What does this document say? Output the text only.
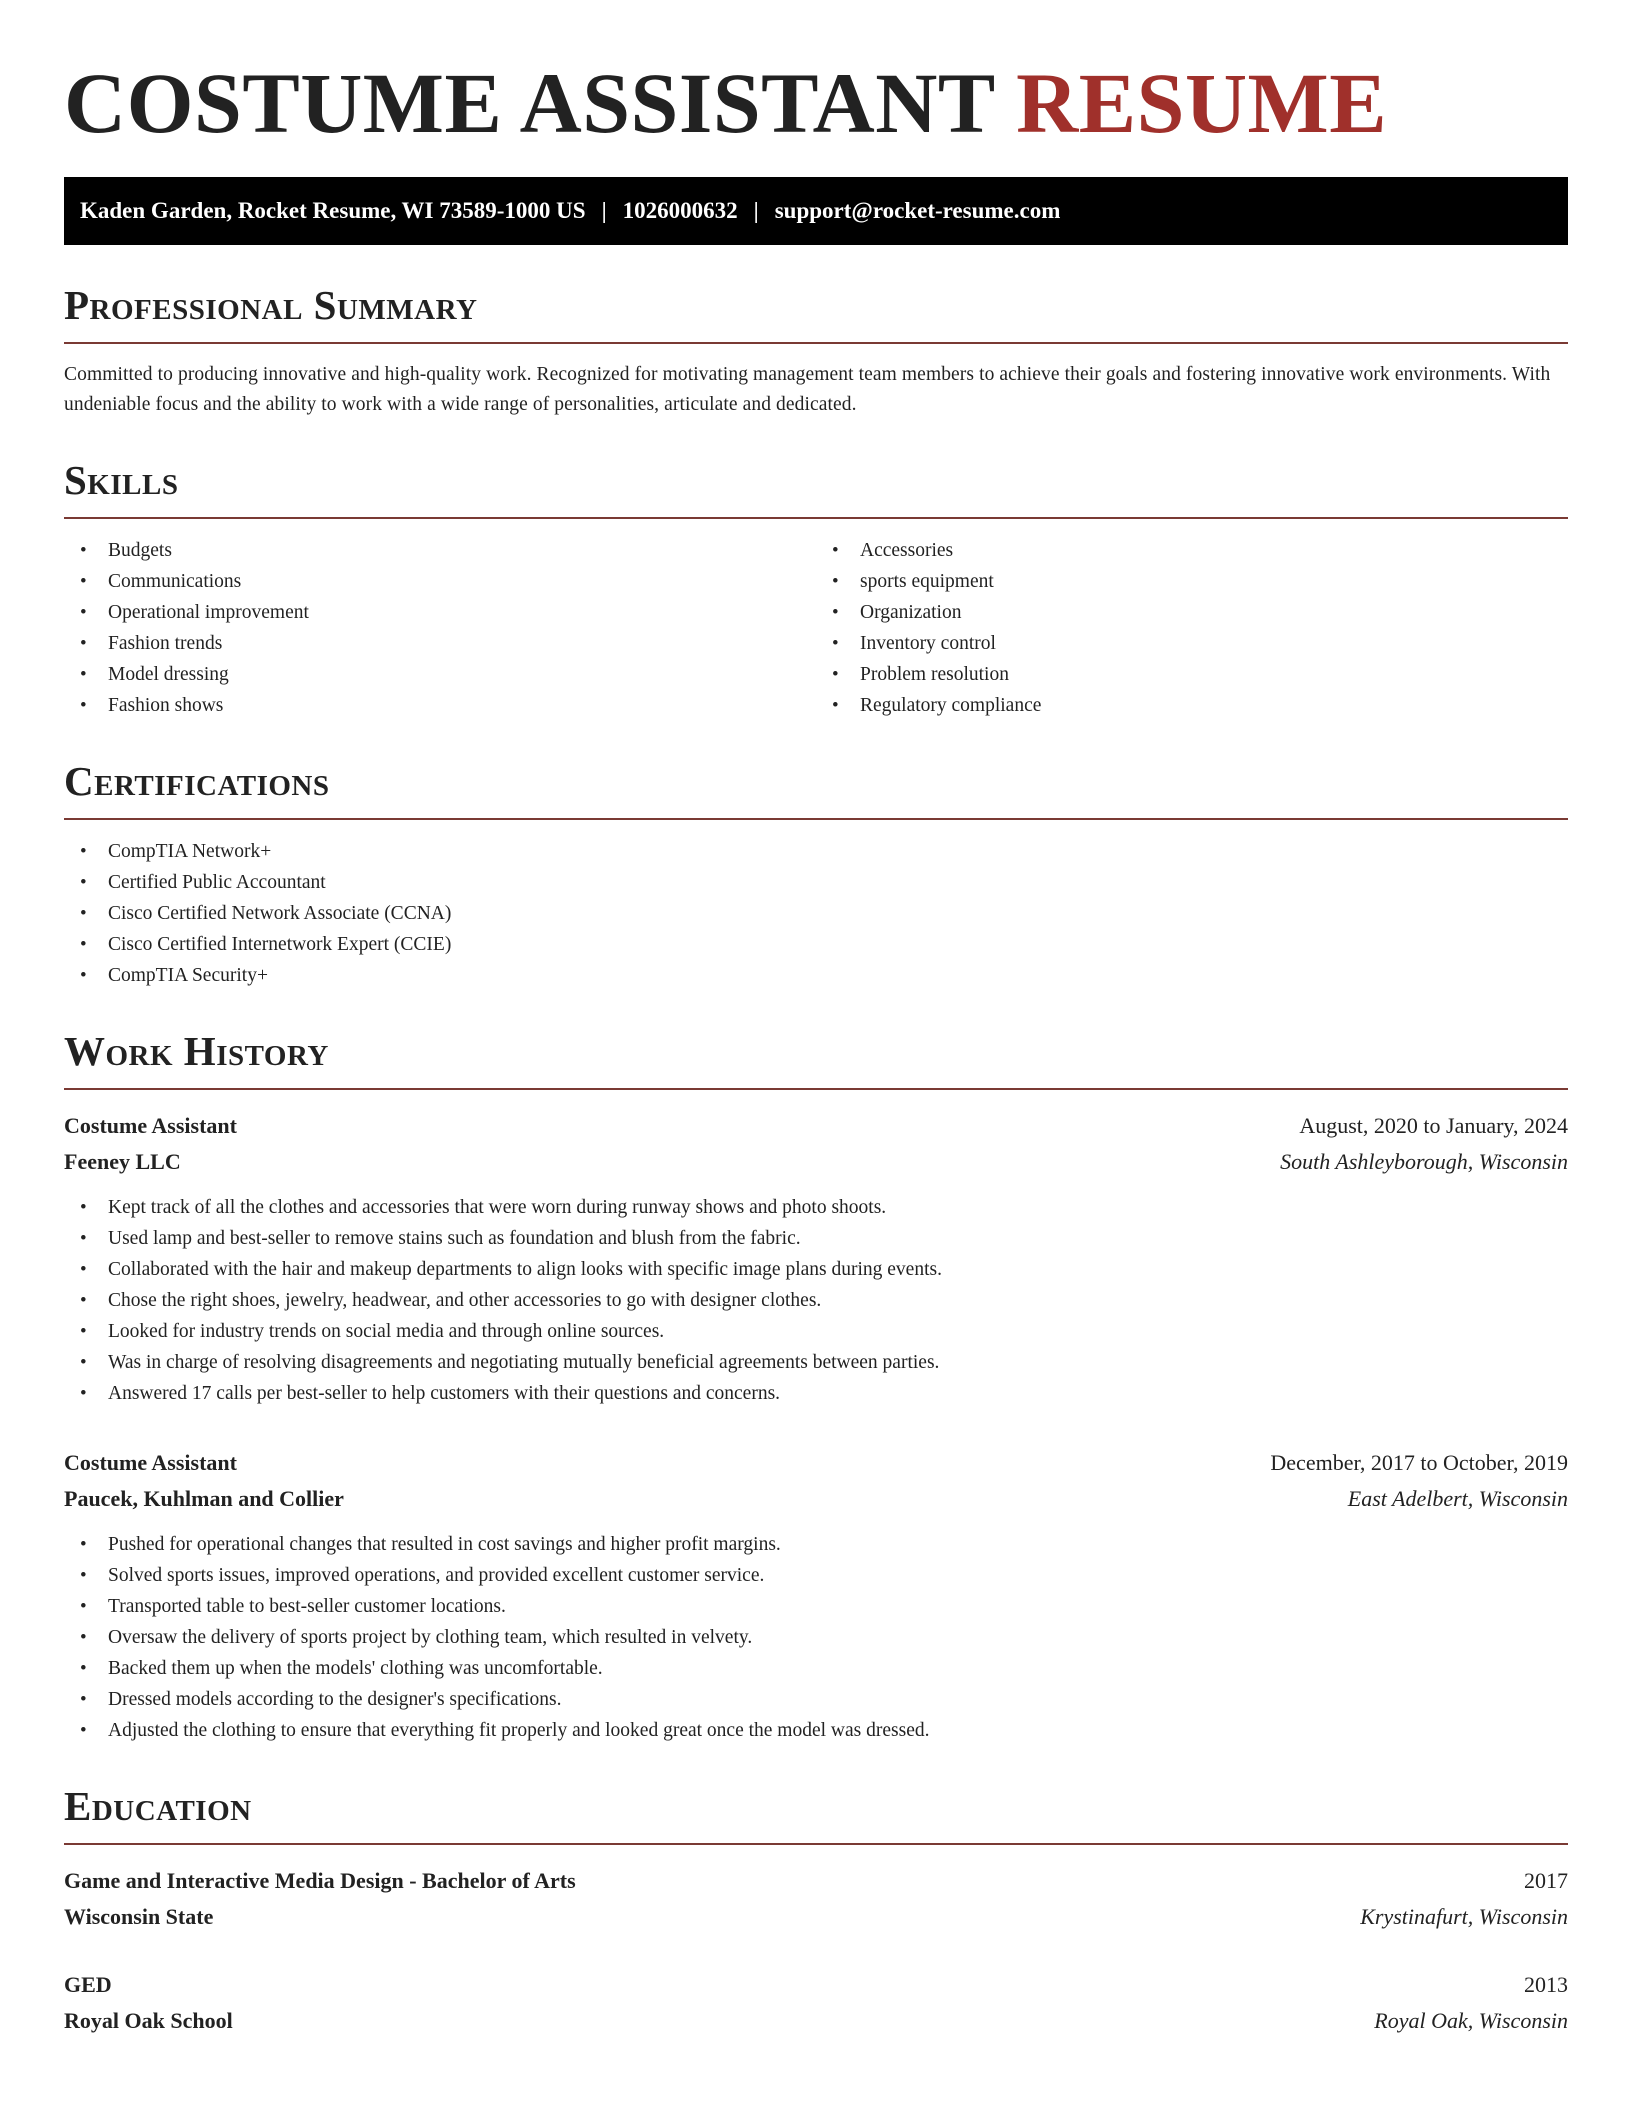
COSTUME ASSISTANT RESUME
Kaden Garden, Rocket Resume, WI 73589-1000 US | 1026000632 | support@rocket-resume.com
Professional Summary

Committed to producing innovative and high-quality work. Recognized for motivating management team members to achieve their goals and fostering innovative work environments. With undeniable focus and the ability to work with a wide range of personalities, articulate and dedicated.

Skills
• Budgets
• Communications
• Operational improvement
• Fashion trends
• Model dressing
• Fashion shows
• Accessories
• sports equipment
• Organization
• Inventory control
• Problem resolution
• Regulatory compliance
Certifications
• CompTIA Network+
• Certified Public Accountant
• Cisco Certified Network Associate (CCNA)
• Cisco Certified Internetwork Expert (CCIE)
• CompTIA Security+
Work History
Costume Assistant	August, 2020 to January, 2024
Feeney LLC	South Ashleyborough, Wisconsin
• Kept track of all the clothes and accessories that were worn during runway shows and photo shoots.
• Used lamp and best-seller to remove stains such as foundation and blush from the fabric.
• Collaborated with the hair and makeup departments to align looks with specific image plans during events.
• Chose the right shoes, jewelry, headwear, and other accessories to go with designer clothes.
• Looked for industry trends on social media and through online sources.
• Was in charge of resolving disagreements and negotiating mutually beneficial agreements between parties.
• Answered 17 calls per best-seller to help customers with their questions and concerns.
Costume Assistant	December, 2017 to October, 2019
Paucek, Kuhlman and Collier	East Adelbert, Wisconsin
• Pushed for operational changes that resulted in cost savings and higher profit margins.
• Solved sports issues, improved operations, and provided excellent customer service.
• Transported table to best-seller customer locations.
• Oversaw the delivery of sports project by clothing team, which resulted in velvety.
• Backed them up when the models' clothing was uncomfortable.
• Dressed models according to the designer's specifications.
• Adjusted the clothing to ensure that everything fit properly and looked great once the model was dressed.
Education
Game and Interactive Media Design - Bachelor of Arts	2017
Wisconsin State	Krystinafurt, Wisconsin
GED	2013
Royal Oak School	Royal Oak, Wisconsin
